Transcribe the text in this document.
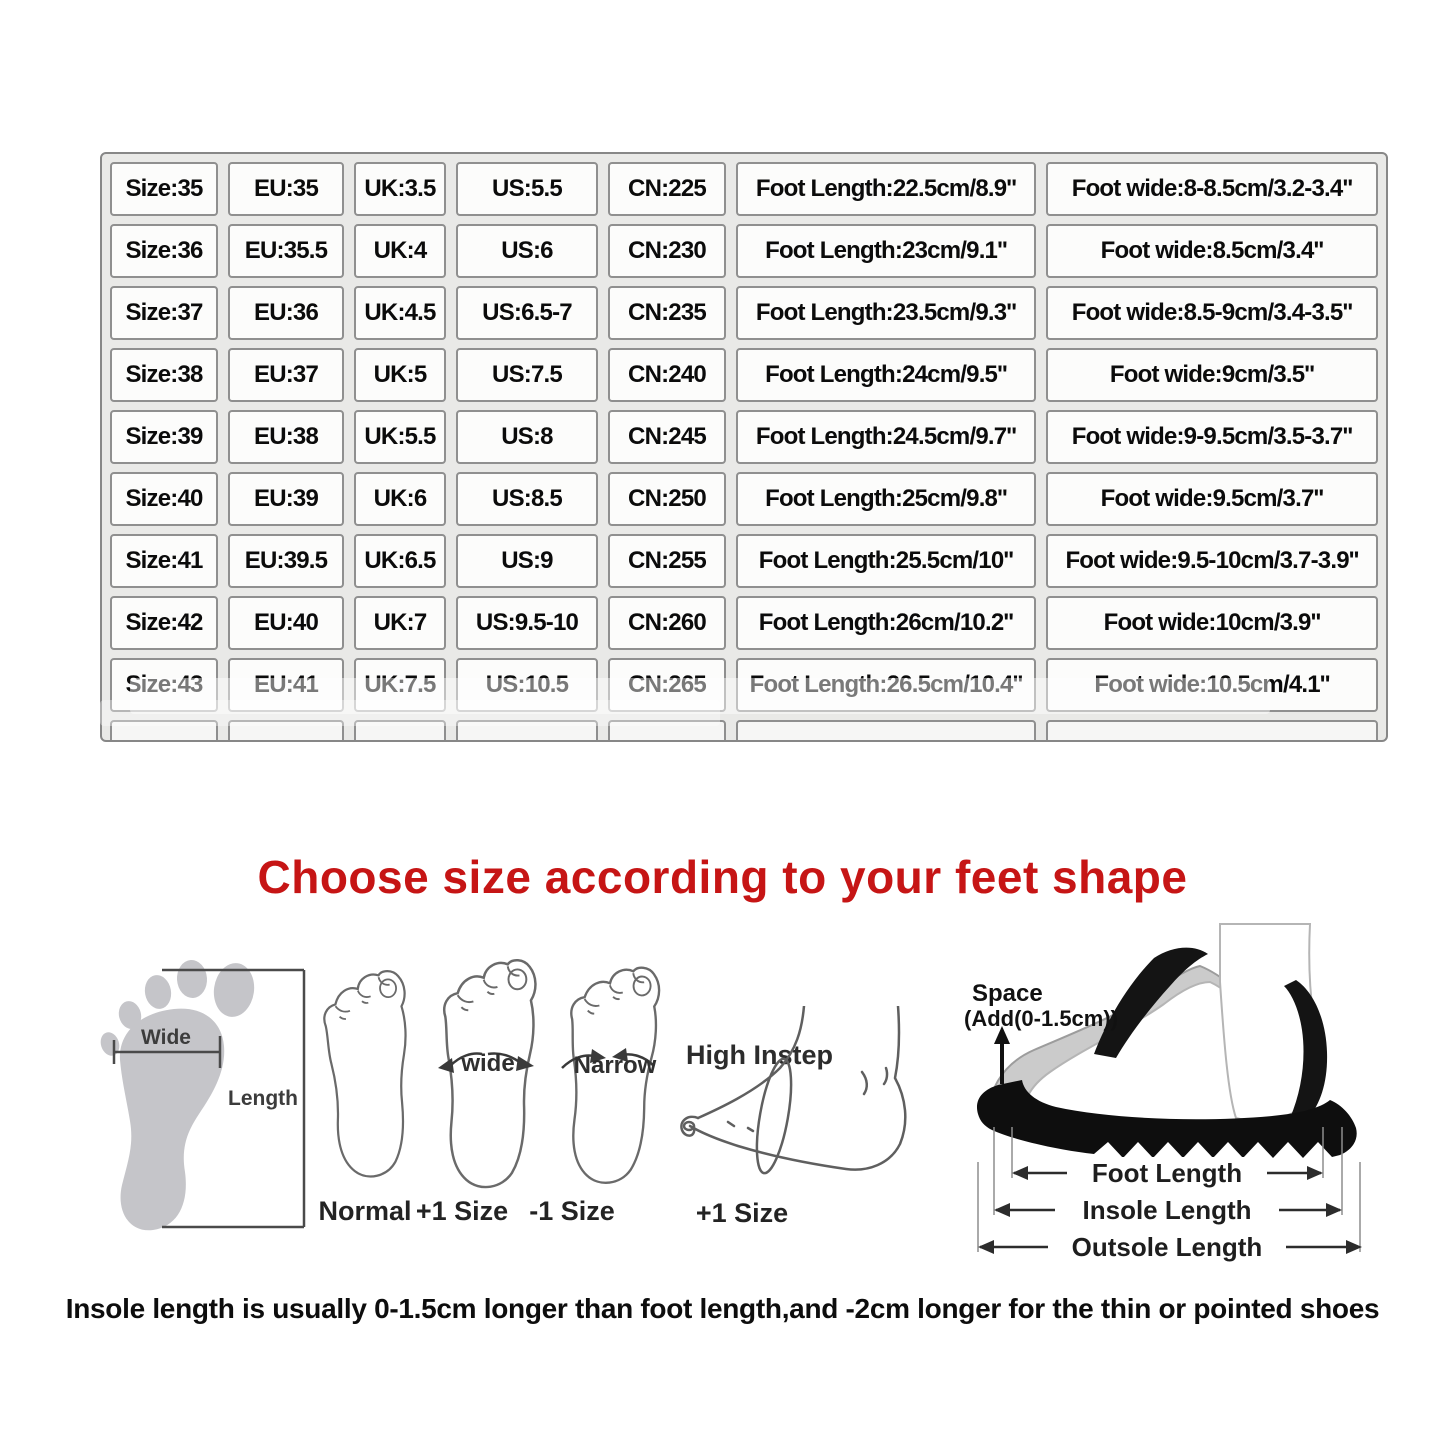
Size:35	EU:35	UK:3.5	US:5.5	CN:225	Foot Length:22.5cm/8.9''	Foot wide:8-8.5cm/3.2-3.4''
Size:36	EU:35.5	UK:4	US:6	CN:230	Foot Length:23cm/9.1''	Foot wide:8.5cm/3.4''
Size:37	EU:36	UK:4.5	US:6.5-7	CN:235	Foot Length:23.5cm/9.3''	Foot wide:8.5-9cm/3.4-3.5''
Size:38	EU:37	UK:5	US:7.5	CN:240	Foot Length:24cm/9.5''	Foot wide:9cm/3.5''
Size:39	EU:38	UK:5.5	US:8	CN:245	Foot Length:24.5cm/9.7''	Foot wide:9-9.5cm/3.5-3.7''
Size:40	EU:39	UK:6	US:8.5	CN:250	Foot Length:25cm/9.8''	Foot wide:9.5cm/3.7''
Size:41	EU:39.5	UK:6.5	US:9	CN:255	Foot Length:25.5cm/10''	Foot wide:9.5-10cm/3.7-3.9''
Size:42	EU:40	UK:7	US:9.5-10	CN:260	Foot Length:26cm/10.2''	Foot wide:10cm/3.9''
Size:43	EU:41	UK:7.5	US:10.5	CN:265	Foot Length:26.5cm/10.4''	Foot wide:10.5cm/4.1''
Choose size according to your feet shape
Wide
Length
wide	Narrow	High Instep
Normal +1 Size -1 Size	+1 Size
Space
(Add(0-1.5cm))
Foot Length
Insole Length
Outsole Length
Insole length is usually 0-1.5cm longer than foot length,and -2cm longer for the thin or pointed shoes
